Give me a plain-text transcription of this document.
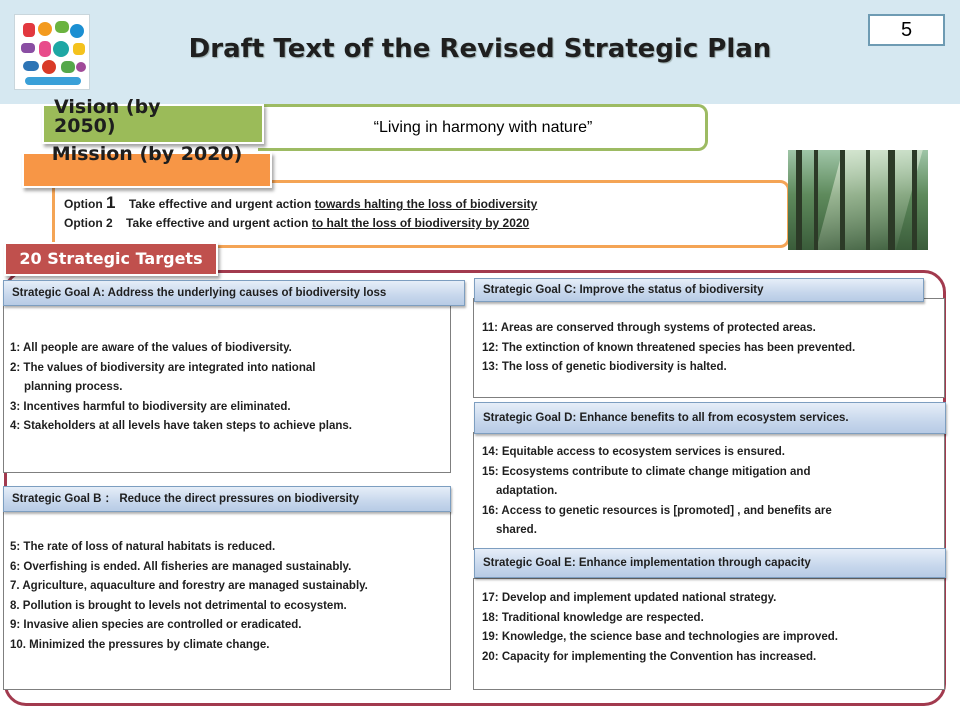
Draft Text of the Revised Strategic Plan
5
“Living in harmony with nature”
Vision (by 2050)
Mission (by 2020)
Option 1 Take effective and urgent action towards halting the loss of biodiversity
Option 2 Take effective and urgent action to halt the loss of biodiversity by 2020
20 Strategic Targets
Strategic Goal A: Address the underlying causes of biodiversity loss
1: All people are aware of the values of biodiversity.
2: The values of biodiversity are integrated into national
planning process.
3: Incentives harmful to biodiversity are eliminated.
4: Stakeholders at all levels have taken steps to achieve plans.
Strategic Goal B ： Reduce the direct pressures on biodiversity
5: The rate of loss of natural habitats is reduced.
6: Overfishing is ended. All fisheries are managed sustainably.
7. Agriculture, aquaculture and forestry are managed sustainably.
8. Pollution is brought to levels not detrimental to ecosystem.
9: Invasive alien species are controlled or eradicated.
10. Minimized the pressures by climate change.
Strategic Goal C: Improve the status of biodiversity
11: Areas are conserved through systems of protected areas.
12: The extinction of known threatened species has been prevented.
13: The loss of genetic biodiversity is halted.
Strategic Goal D: Enhance benefits to all from ecosystem services.
14: Equitable access to ecosystem services is ensured.
15: Ecosystems contribute to climate change mitigation and
adaptation.
16: Access to genetic resources is [promoted] , and benefits are
shared.
Strategic Goal E: Enhance implementation through capacity
17: Develop and implement updated national strategy.
18: Traditional knowledge are respected.
19: Knowledge, the science base and technologies are improved.
20: Capacity for implementing the Convention has increased.
